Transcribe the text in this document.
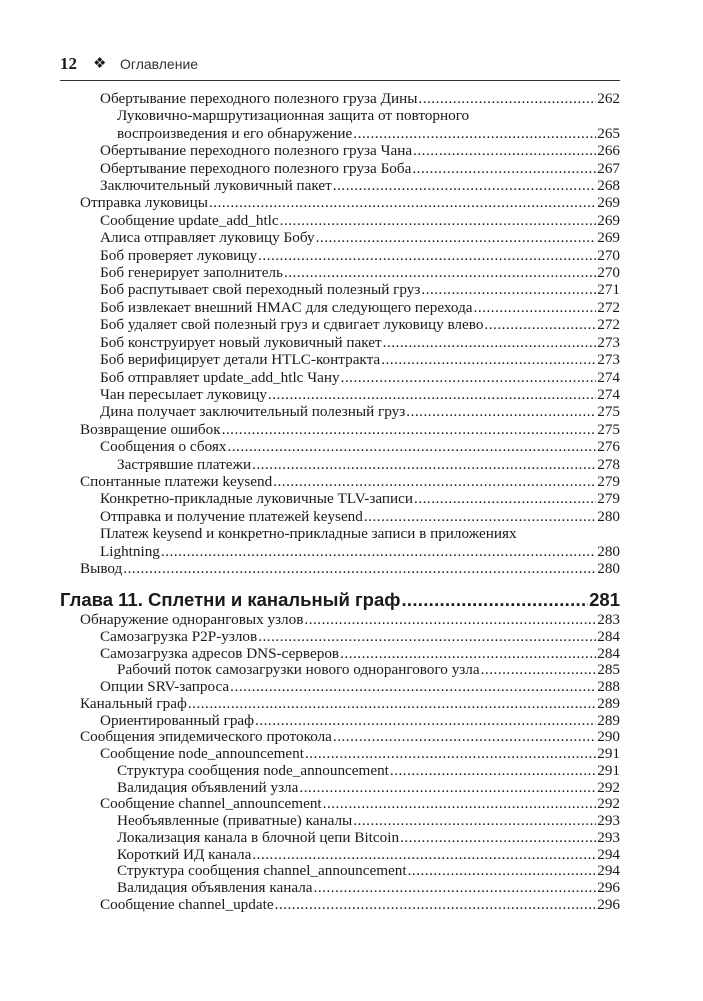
12 ❖ Оглавление
Обертывание переходного полезного груза Дины .....	262
Луковично-маршрутизационная защита от повторного
воспроизведения и его обнаружение .....	265
Обертывание переходного полезного груза Чана .....	266
Обертывание переходного полезного груза Боба .....	267
Заключительный луковичный пакет .....	268
Отправка луковицы .....	269
Сообщение update_add_htlc .....	269
Алиса отправляет луковицу Бобу .....	269
Боб проверяет луковицу .....	270
Боб генерирует заполнитель .....	270
Боб распутывает свой переходный полезный груз .....	271
Боб извлекает внешний HMAC для следующего перехода .....	272
Боб удаляет свой полезный груз и сдвигает луковицу влево .....	272
Боб конструирует новый луковичный пакет .....	273
Боб верифицирует детали HTLC-контракта .....	273
Боб отправляет update_add_htlc Чану .....	274
Чан пересылает луковицу .....	274
Дина получает заключительный полезный груз .....	275
Возвращение ошибок .....	275
Сообщения о сбоях .....	276
Застрявшие платежи .....	278
Спонтанные платежи keysend .....	279
Конкретно-прикладные луковичные TLV-записи .....	279
Отправка и получение платежей keysend .....	280
Платеж keysend и конкретно-прикладные записи в приложениях
Lightning .....	280
Вывод .....	280
Глава 11. Сплетни и канальный граф .....	281
Обнаружение одноранговых узлов .....	283
Самозагрузка P2P-узлов .....	284
Самозагрузка адресов DNS-серверов .....	284
Рабочий поток самозагрузки нового однорангового узла .....	285
Опции SRV-запроса .....	288
Канальный граф .....	289
Ориентированный граф .....	289
Сообщения эпидемического протокола .....	290
Сообщение node_announcement .....	291
Структура сообщения node_announcement .....	291
Валидация объявлений узла .....	292
Сообщение channel_announcement .....	292
Необъявленные (приватные) каналы .....	293
Локализация канала в блочной цепи Bitcoin .....	293
Короткий ИД канала .....	294
Структура сообщения channel_announcement .....	294
Валидация объявления канала .....	296
Сообщение channel_update .....	296
